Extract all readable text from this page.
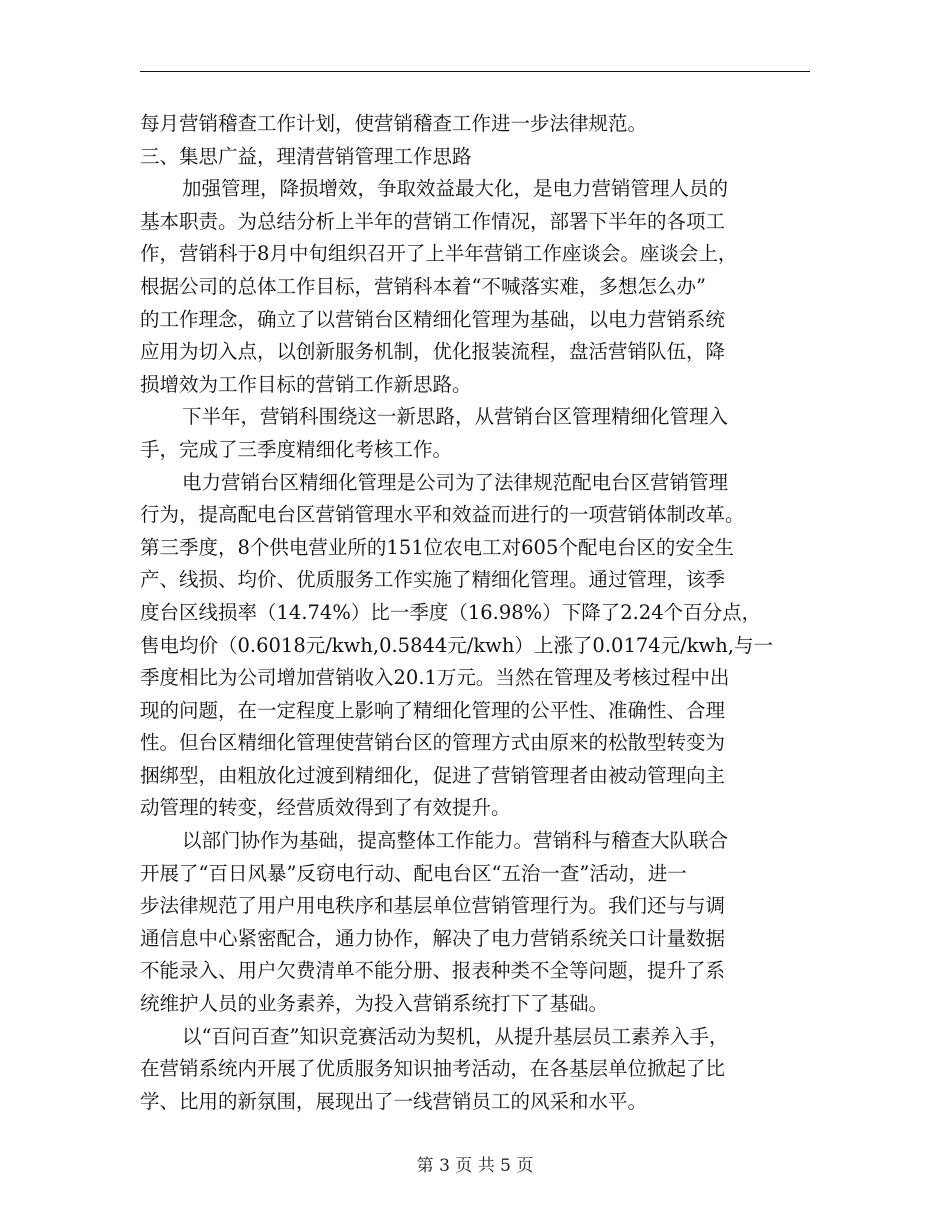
每月营销稽查工作计划，使营销稽查工作进一步法律规范。
三、集思广益，理清营销管理工作思路
加强管理，降损增效，争取效益最大化，是电力营销管理人员的
基本职责。为总结分析上半年的营销工作情况，部署下半年的各项工
作，营销科于8月中旬组织召开了上半年营销工作座谈会。座谈会上，
根据公司的总体工作目标，营销科本着“不喊落实难，多想怎么办”
的工作理念，确立了以营销台区精细化管理为基础，以电力营销系统
应用为切入点，以创新服务机制，优化报装流程，盘活营销队伍，降
损增效为工作目标的营销工作新思路。
下半年，营销科围绕这一新思路，从营销台区管理精细化管理入
手，完成了三季度精细化考核工作。
电力营销台区精细化管理是公司为了法律规范配电台区营销管理
行为，提高配电台区营销管理水平和效益而进行的一项营销体制改革。
第三季度，8个供电营业所的151位农电工对605个配电台区的安全生
产、线损、均价、优质服务工作实施了精细化管理。通过管理，该季
度台区线损率（14.74%）比一季度（16.98%）下降了2.24个百分点，
售电均价（0.6018元/kwh,0.5844元/kwh）上涨了0.0174元/kwh,与一
季度相比为公司增加营销收入20.1万元。当然在管理及考核过程中出
现的问题，在一定程度上影响了精细化管理的公平性、准确性、合理
性。但台区精细化管理使营销台区的管理方式由原来的松散型转变为
捆绑型，由粗放化过渡到精细化，促进了营销管理者由被动管理向主
动管理的转变，经营质效得到了有效提升。
以部门协作为基础，提高整体工作能力。营销科与稽查大队联合
开展了“百日风暴”反窃电行动、配电台区“五治一查”活动，进一
步法律规范了用户用电秩序和基层单位营销管理行为。我们还与与调
通信息中心紧密配合，通力协作，解决了电力营销系统关口计量数据
不能录入、用户欠费清单不能分册、报表种类不全等问题，提升了系
统维护人员的业务素养，为投入营销系统打下了基础。
以“百问百查”知识竞赛活动为契机，从提升基层员工素养入手，
在营销系统内开展了优质服务知识抽考活动，在各基层单位掀起了比
学、比用的新氛围，展现出了一线营销员工的风采和水平。
第 3 页 共 5 页
